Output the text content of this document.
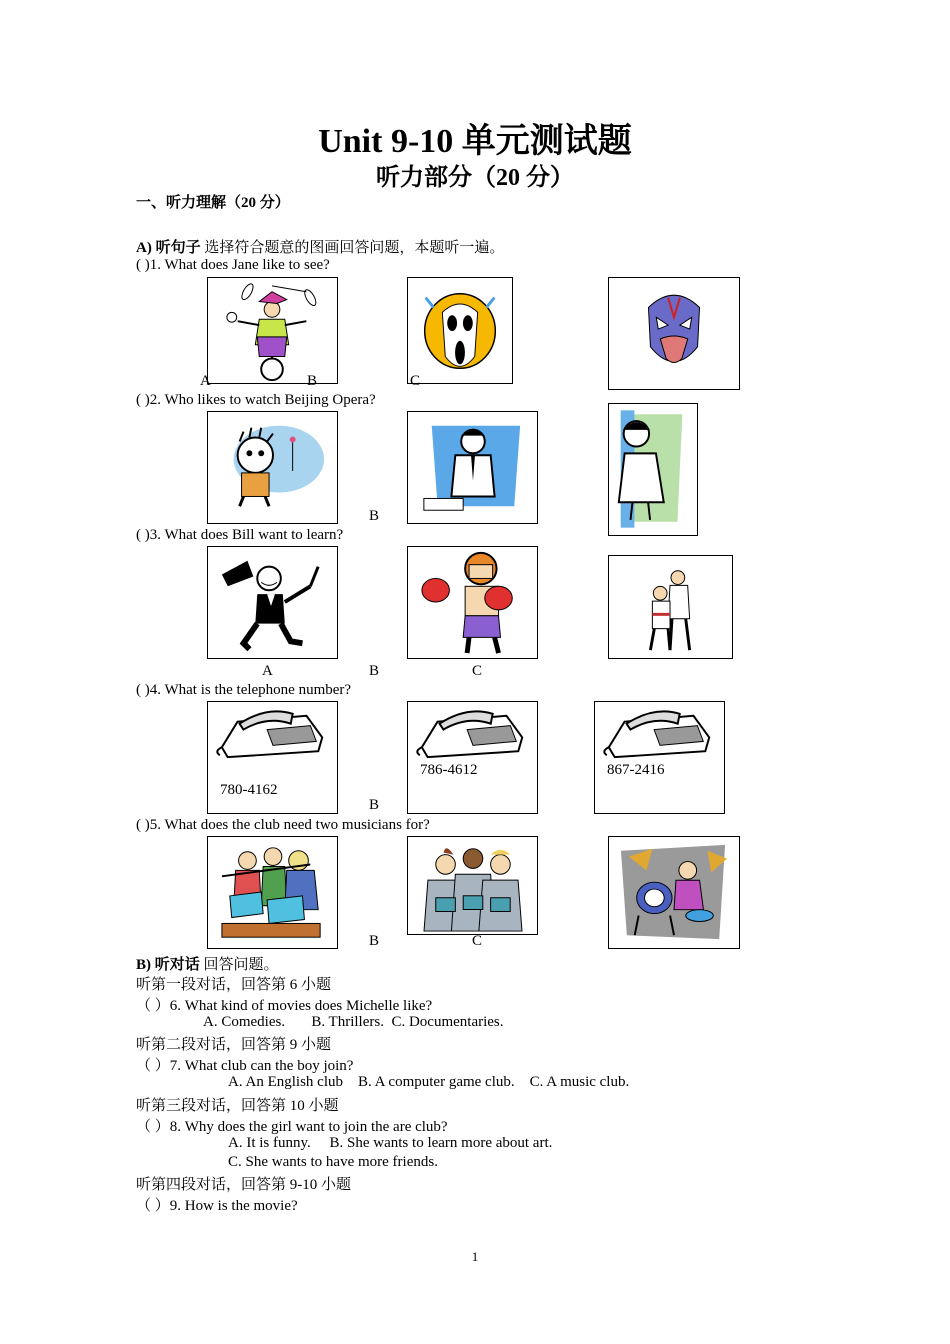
Unit 9-10 单元测试题
听力部分（20 分）
一、听力理解（20 分）
A) 听句子 选择符合题意的图画回答问题，本题听一遍。
( )1. What does Jane like to see?
A	B	C
( )2. Who likes to watch Beijing Opera?
B
( )3. What does Bill want to learn?
A	B	C
( )4. What is the telephone number?
780-4162
786-4612	867-2416
B
( )5. What does the club need two musicians for?
B	C
B) 听对话 回答问题。
听第一段对话，回答第 6 小题
（ ）6. What kind of movies does Michelle like?
A. Comedies.       B. Thrillers.  C. Documentaries.
听第二段对话，回答第 9 小题
（ ）7. What club can the boy join?
A. An English club    B. A computer game club.    C. A music club.
听第三段对话，回答第 10 小题
（ ）8. Why does the girl want to join the are club?
A. It is funny.     B. She wants to learn more about art.
C. She wants to have more friends.
听第四段对话，回答第 9-10 小题
（ ）9. How is the movie?
1
